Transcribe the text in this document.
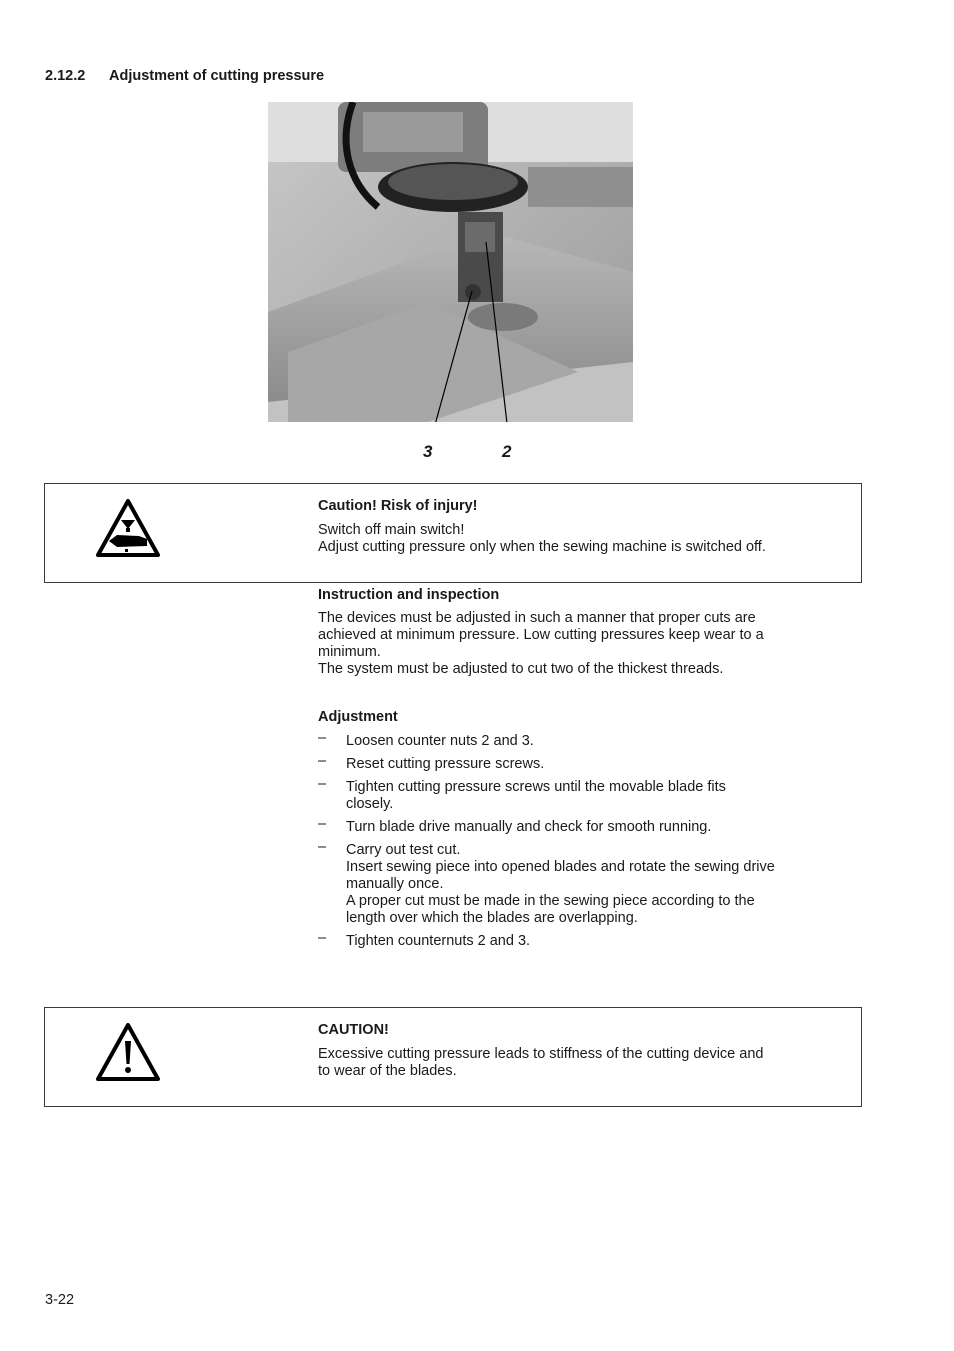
2.12.2 Adjustment of cutting pressure
3	2
Caution! Risk of injury!
Switch off main switch!
Adjust cutting pressure only when the sewing machine is switched off.
Instruction and inspection
The devices must be adjusted in such a manner that proper cuts are
achieved at minimum pressure. Low cutting pressures keep wear to a
minimum.
The system must be adjusted to cut two of the thickest threads.
Adjustment
– Loosen counter nuts 2 and 3.
– Reset cutting pressure screws.
– Tighten cutting pressure screws until the movable blade fits
closely.
– Turn blade drive manually and check for smooth running.
– Carry out test cut.
Insert sewing piece into opened blades and rotate the sewing drive
manually once.
A proper cut must be made in the sewing piece according to the
length over which the blades are overlapping.
– Tighten counternuts 2 and 3.
CAUTION!
Excessive cutting pressure leads to stiffness of the cutting device and
to wear of the blades.
3-22
